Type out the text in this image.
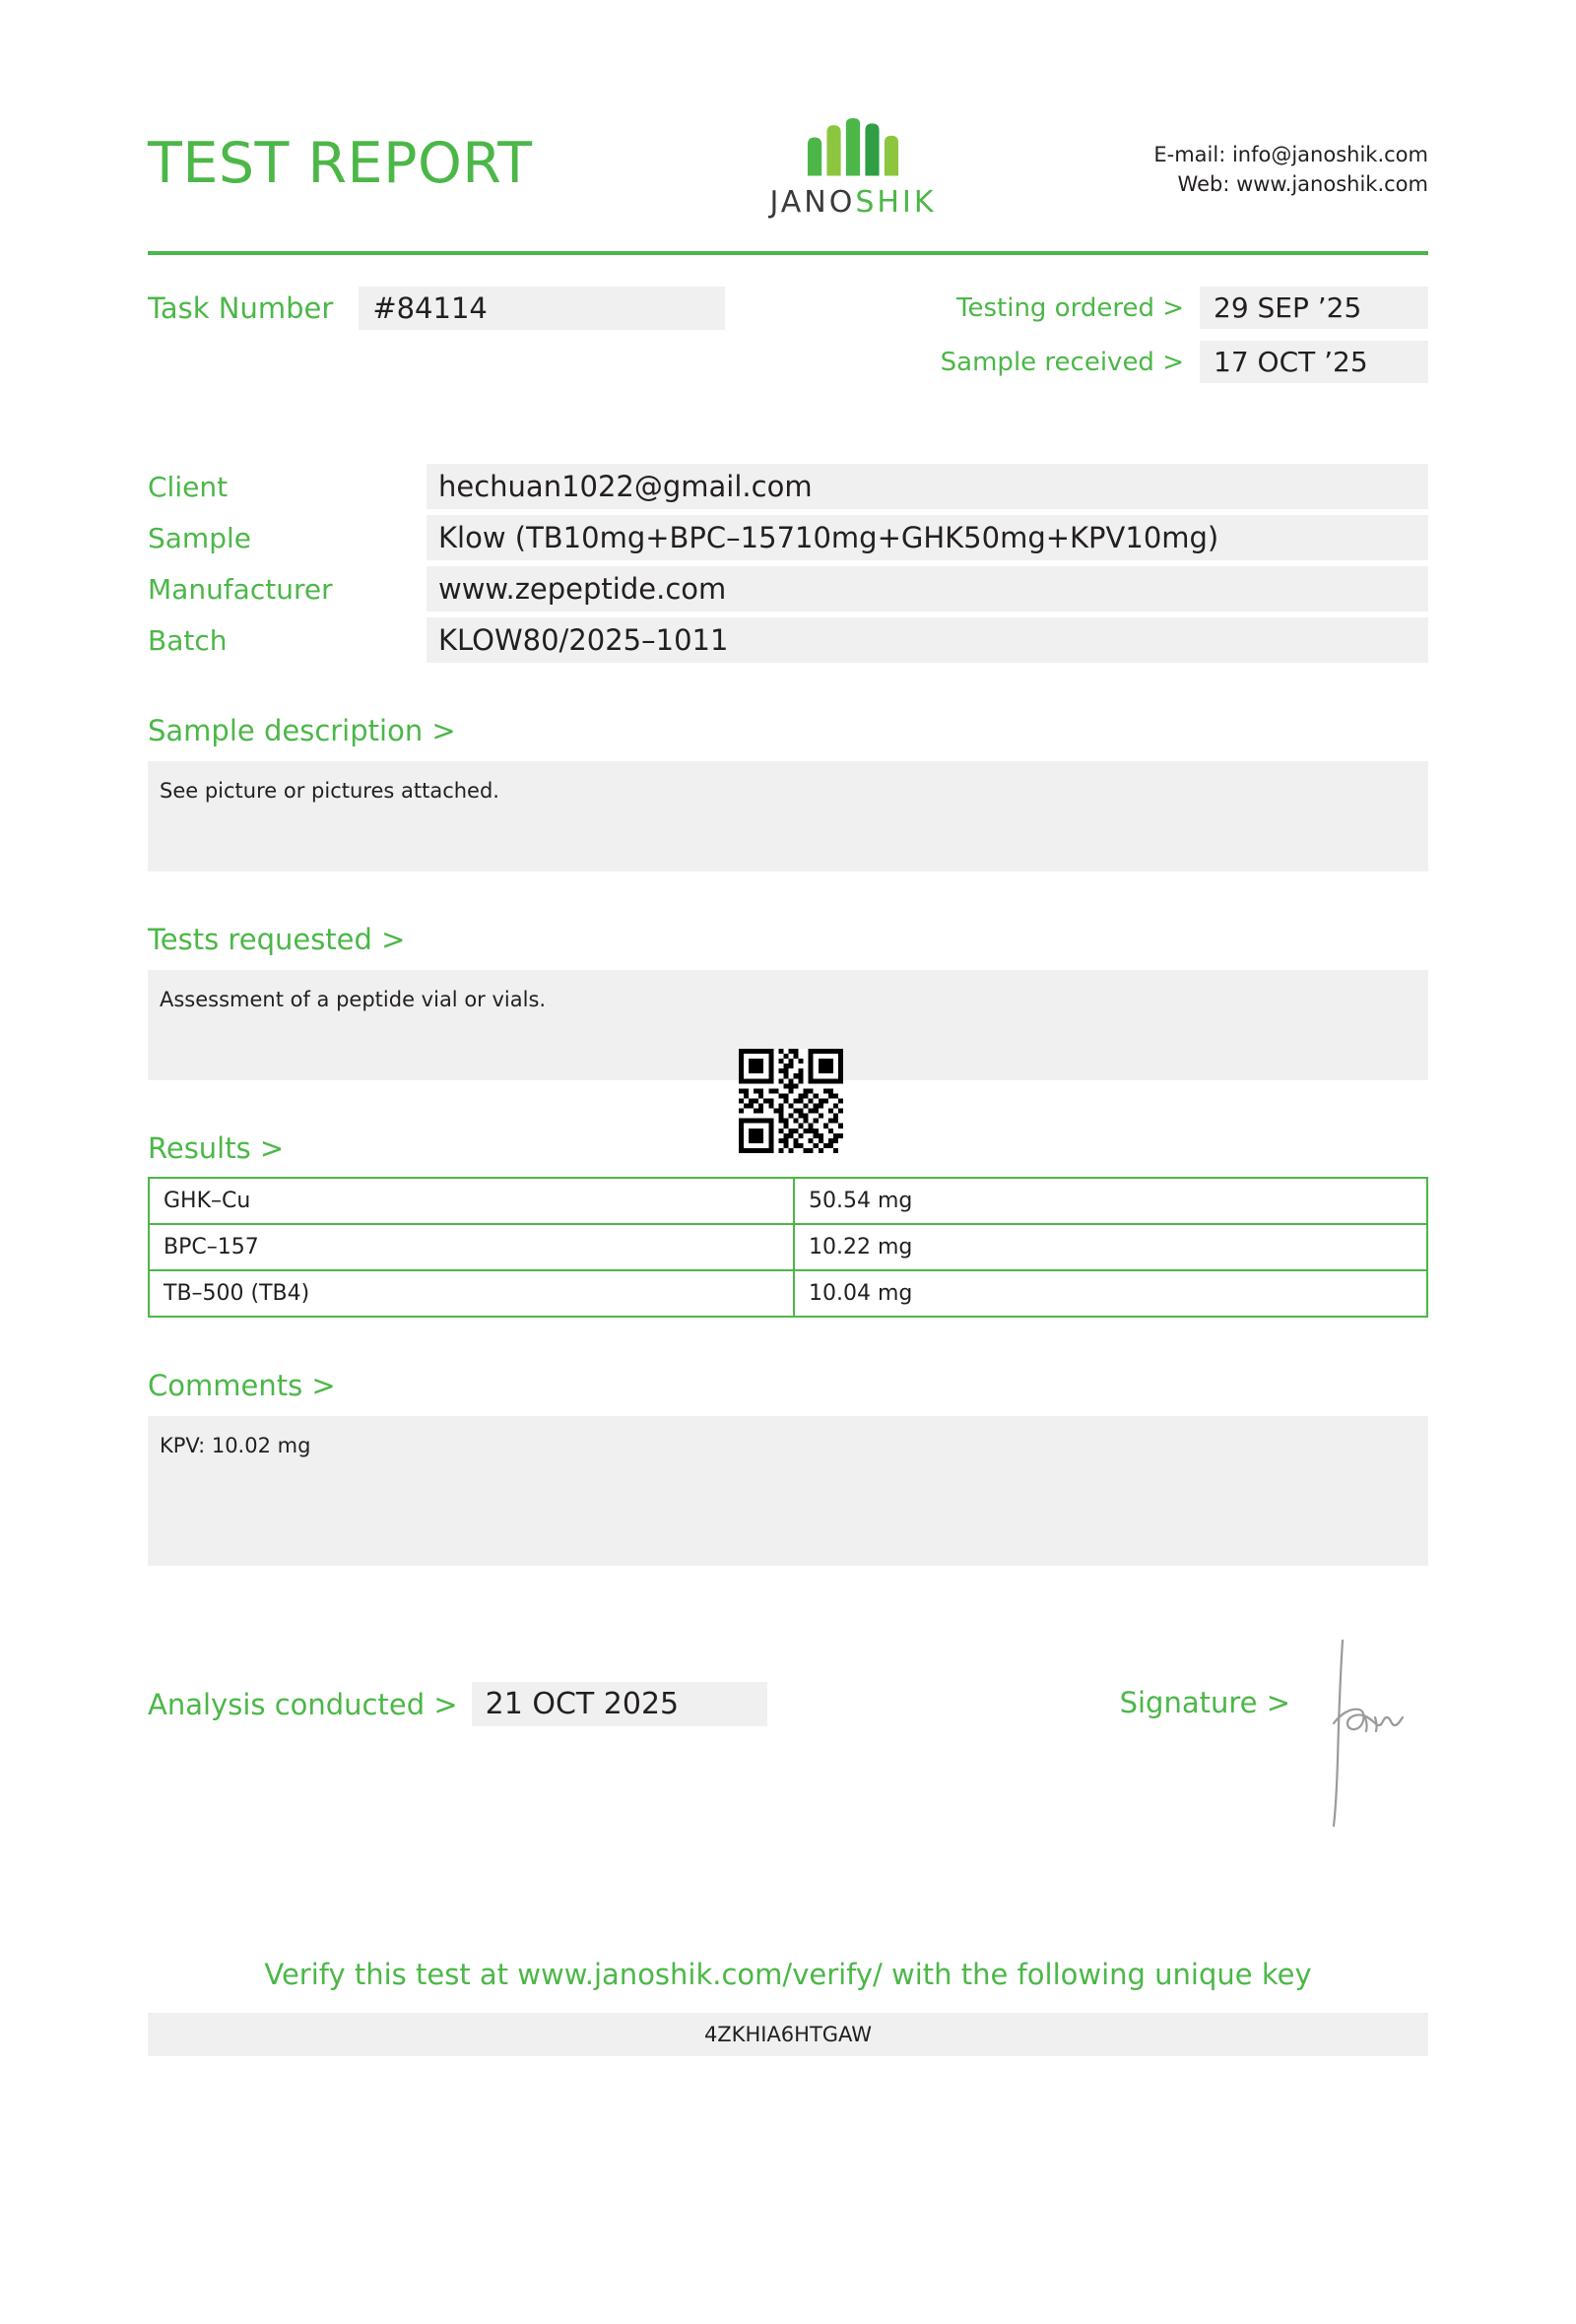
TEST REPORT
JANOSHIK
E-mail: info@janoshik.com
Web: www.janoshik.com
Task Number	#84114	Testing ordered >	29 SEP ’25
Sample received >	17 OCT ’25
Client	hechuan1022@gmail.com
Sample	Klow (TB10mg+BPC–15710mg+GHK50mg+KPV10mg)
Manufacturer	www.zepeptide.com
Batch	KLOW80/2025–1011
Sample description >
See picture or pictures attached.
Tests requested >
Assessment of a peptide vial or vials.
Results >
GHK–Cu	50.54 mg
BPC–157	10.22 mg
TB–500 (TB4)	10.04 mg
Comments >
KPV: 10.02 mg
Analysis conducted > 21 OCT 2025	Signature >
Verify this test at www.janoshik.com/verify/ with the following unique key
4ZKHIA6HTGAW
